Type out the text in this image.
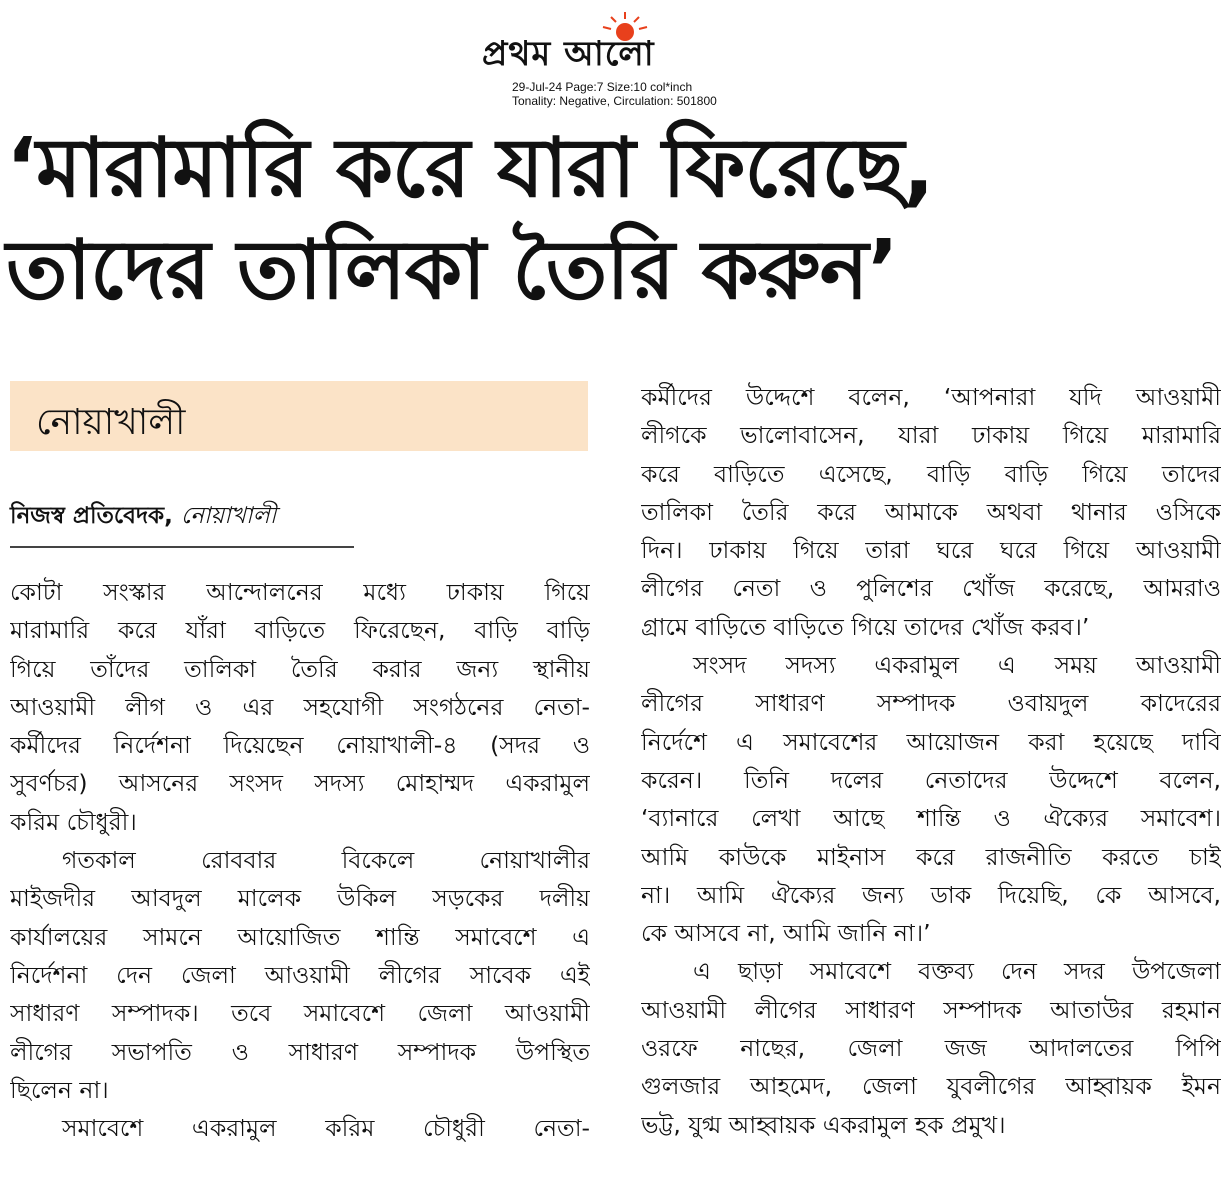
প্রথম আলো
29-Jul-24 Page:7 Size:10 col*inch
Tonality: Negative, Circulation: 501800
‘মারামারি করে যারা ফিরেছে,
তাদের তালিকা তৈরি করুন’
নোয়াখালী
নিজস্ব প্রতিবেদক, নোয়াখালী

কোটা সংস্কার আন্দোলনের মধ্যে ঢাকায় গিয়ে

মারামারি করে যাঁরা বাড়িতে ফিরেছেন, বাড়ি বাড়ি

গিয়ে তাঁদের তালিকা তৈরি করার জন্য স্থানীয়

আওয়ামী লীগ ও এর সহযোগী সংগঠনের নেতা-

কর্মীদের নির্দেশনা দিয়েছেন নোয়াখালী-৪ (সদর ও

সুবর্ণচর) আসনের সংসদ সদস্য মোহাম্মদ একরামুল

করিম চৌধুরী।

গতকাল রোববার বিকেলে নোয়াখালীর

মাইজদীর আবদুল মালেক উকিল সড়কের দলীয়

কার্যালয়ের সামনে আয়োজিত শান্তি সমাবেশে এ

নির্দেশনা দেন জেলা আওয়ামী লীগের সাবেক এই

সাধারণ সম্পাদক। তবে সমাবেশে জেলা আওয়ামী

লীগের সভাপতি ও সাধারণ সম্পাদক উপস্থিত

ছিলেন না।

সমাবেশে একরামুল করিম চৌধুরী নেতা-

কর্মীদের উদ্দেশে বলেন, ‘আপনারা যদি আওয়ামী

লীগকে ভালোবাসেন, যারা ঢাকায় গিয়ে মারামারি

করে বাড়িতে এসেছে, বাড়ি বাড়ি গিয়ে তাদের

তালিকা তৈরি করে আমাকে অথবা থানার ওসিকে

দিন। ঢাকায় গিয়ে তারা ঘরে ঘরে গিয়ে আওয়ামী

লীগের নেতা ও পুলিশের খোঁজ করেছে, আমরাও

গ্রামে বাড়িতে বাড়িতে গিয়ে তাদের খোঁজ করব।’

সংসদ সদস্য একরামুল এ সময় আওয়ামী

লীগের সাধারণ সম্পাদক ওবায়দুল কাদেরের

নির্দেশে এ সমাবেশের আয়োজন করা হয়েছে দাবি

করেন। তিনি দলের নেতাদের উদ্দেশে বলেন,

‘ব্যানারে লেখা আছে শান্তি ও ঐক্যের সমাবেশ।

আমি কাউকে মাইনাস করে রাজনীতি করতে চাই

না। আমি ঐক্যের জন্য ডাক দিয়েছি, কে আসবে,

কে আসবে না, আমি জানি না।’

এ ছাড়া সমাবেশে বক্তব্য দেন সদর উপজেলা

আওয়ামী লীগের সাধারণ সম্পাদক আতাউর রহমান

ওরফে নাছের, জেলা জজ আদালতের পিপি

গুলজার আহমেদ, জেলা যুবলীগের আহ্বায়ক ইমন

ভট্ট, যুগ্ম আহ্বায়ক একরামুল হক প্রমুখ।
